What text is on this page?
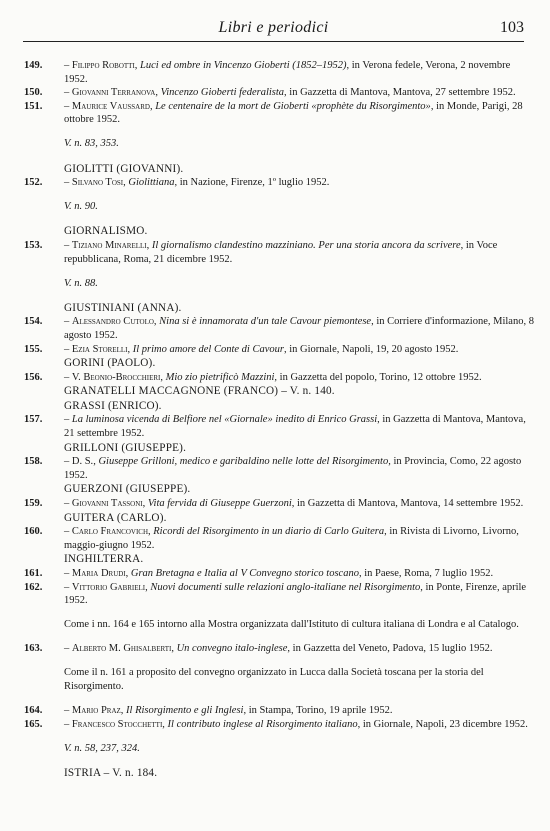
Libri e periodici	103

149. – Filippo Robotti, Luci ed ombre in Vincenzo Gioberti (1852–1952), in Verona fedele, Verona, 2 novembre 1952.

150. – Giovanni Terranova, Vincenzo Gioberti federalista, in Gazzetta di Mantova, Mantova, 27 settembre 1952.

151. – Maurice Vaussard, Le centenaire de la mort de Gioberti «prophète du Risorgimento», in Monde, Parigi, 28 ottobre 1952.

V. n. 83, 353.

GIOLITTI (GIOVANNI).

152. – Silvano Tosi, Giolittiana, in Nazione, Firenze, 1º luglio 1952.

V. n. 90.

GIORNALISMO.

153. – Tiziano Minarelli, Il giornalismo clandestino mazziniano. Per una storia ancora da scrivere, in Voce repubblicana, Roma, 21 dicembre 1952.

V. n. 88.

GIUSTINIANI (ANNA).

154. – Alessandro Cutolo, Nina si è innamorata d'un tale Cavour piemontese, in Corriere d'informazione, Milano, 8 agosto 1952.

155. – Ezia Storelli, Il primo amore del Conte di Cavour, in Giornale, Napoli, 19, 20 agosto 1952.

GORINI (PAOLO).

156. – V. Beonio-Brocchieri, Mio zio pietrificò Mazzini, in Gazzetta del popolo, Torino, 12 ottobre 1952.

GRANATELLI MACCAGNONE (FRANCO) – V. n. 140.

GRASSI (ENRICO).

157. – La luminosa vicenda di Belfiore nel «Giornale» inedito di Enrico Grassi, in Gazzetta di Mantova, Mantova, 21 settembre 1952.

GRILLONI (GIUSEPPE).

158. – D. S., Giuseppe Grilloni, medico e garibaldino nelle lotte del Risorgimento, in Provincia, Como, 22 agosto 1952.

GUERZONI (GIUSEPPE).

159. – Giovanni Tassoni, Vita fervida di Giuseppe Guerzoni, in Gazzetta di Mantova, Mantova, 14 settembre 1952.

GUITERA (CARLO).

160. – Carlo Francovich, Ricordi del Risorgimento in un diario di Carlo Guitera, in Rivista di Livorno, Livorno, maggio-giugno 1952.

INGHILTERRA.

161. – Maria Drudi, Gran Bretagna e Italia al V Convegno storico toscano, in Paese, Roma, 7 luglio 1952.

162. – Vittorio Gabrieli, Nuovi documenti sulle relazioni anglo-italiane nel Risorgimento, in Ponte, Firenze, aprile 1952.

Come i nn. 164 e 165 intorno alla Mostra organizzata dall'Istituto di cultura italiana di Londra e al Catalogo.

163. – Alberto M. Ghisalberti, Un convegno italo-inglese, in Gazzetta del Veneto, Padova, 15 luglio 1952.

Come il n. 161 a proposito del convegno organizzato in Lucca dalla Società toscana per la storia del Risorgimento.

164. – Mario Praz, Il Risorgimento e gli Inglesi, in Stampa, Torino, 19 aprile 1952.

165. – Francesco Stocchetti, Il contributo inglese al Risorgimento italiano, in Giornale, Napoli, 23 dicembre 1952.

V. n. 58, 237, 324.

ISTRIA – V. n. 184.
